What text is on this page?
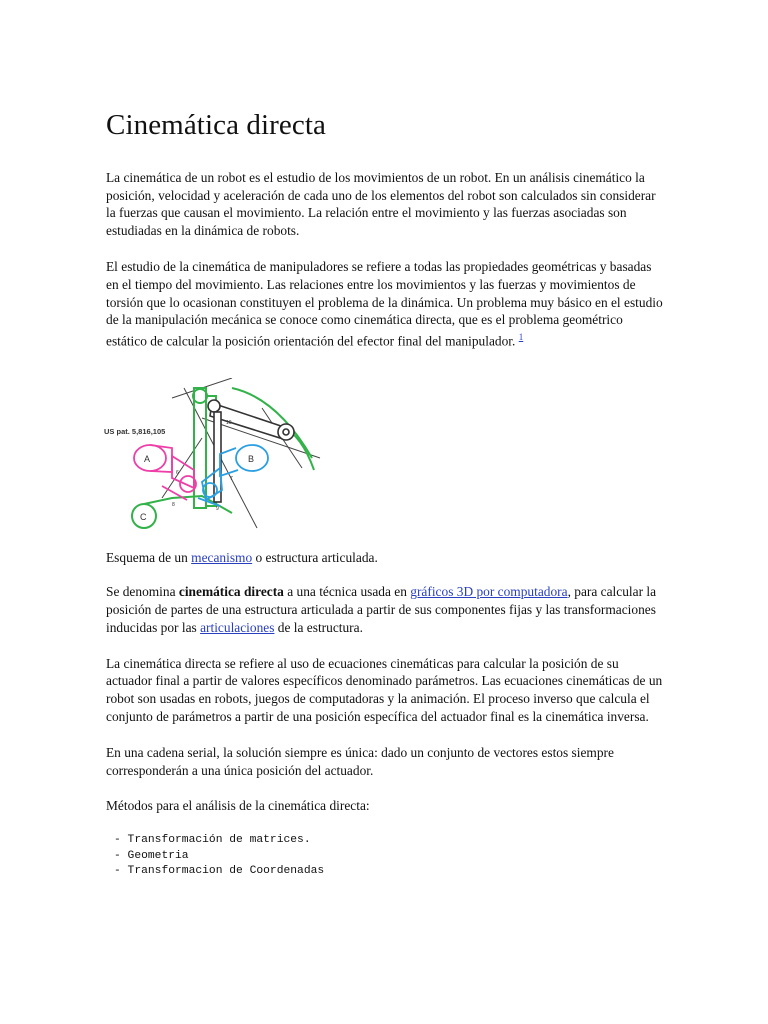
Cinemática directa

La cinemática de un robot es el estudio de los movimientos de un robot. En un análisis cinemático la posición, velocidad y aceleración de cada uno de los elementos del robot son calculados sin considerar la fuerzas que causan el movimiento. La relación entre el movimiento y las fuerzas asociadas son estudiadas en la dinámica de robots.

El estudio de la cinemática de manipuladores se refiere a todas las propiedades geométricas y basadas en el tiempo del movimiento. Las relaciones entre los movimientos y las fuerzas y movimientos de torsión que lo ocasionan constituyen el problema de la dinámica. Un problema muy básico en el estudio de la manipulación mecánica se conoce como cinemática directa, que es el problema geométrico estático de calcular la posición orientación del efector final del manipulador. $^1$

US pat. 5,816,105
A	B
C
10
6
7
8
9

Esquema de un mecanismo o estructura articulada.

Se denomina cinemática directa a una técnica usada en gráficos 3D por computadora, para calcular la posición de partes de una estructura articulada a partir de sus componentes fijas y las transformaciones inducidas por las articulaciones de la estructura.

La cinemática directa se refiere al uso de ecuaciones cinemáticas para calcular la posición de su actuador final a partir de valores específicos denominado parámetros. Las ecuaciones cinemáticas de un robot son usadas en robots, juegos de computadoras y la animación. El proceso inverso que calcula el conjunto de parámetros a partir de una posición específica del actuador final es la cinemática inversa.

En una cadena serial, la solución siempre es única: dado un conjunto de vectores estos siempre corresponderán a una única posición del actuador.

Métodos para el análisis de la cinemática directa:

- Transformación de matrices.
- Geometria
- Transformacion de Coordenadas
